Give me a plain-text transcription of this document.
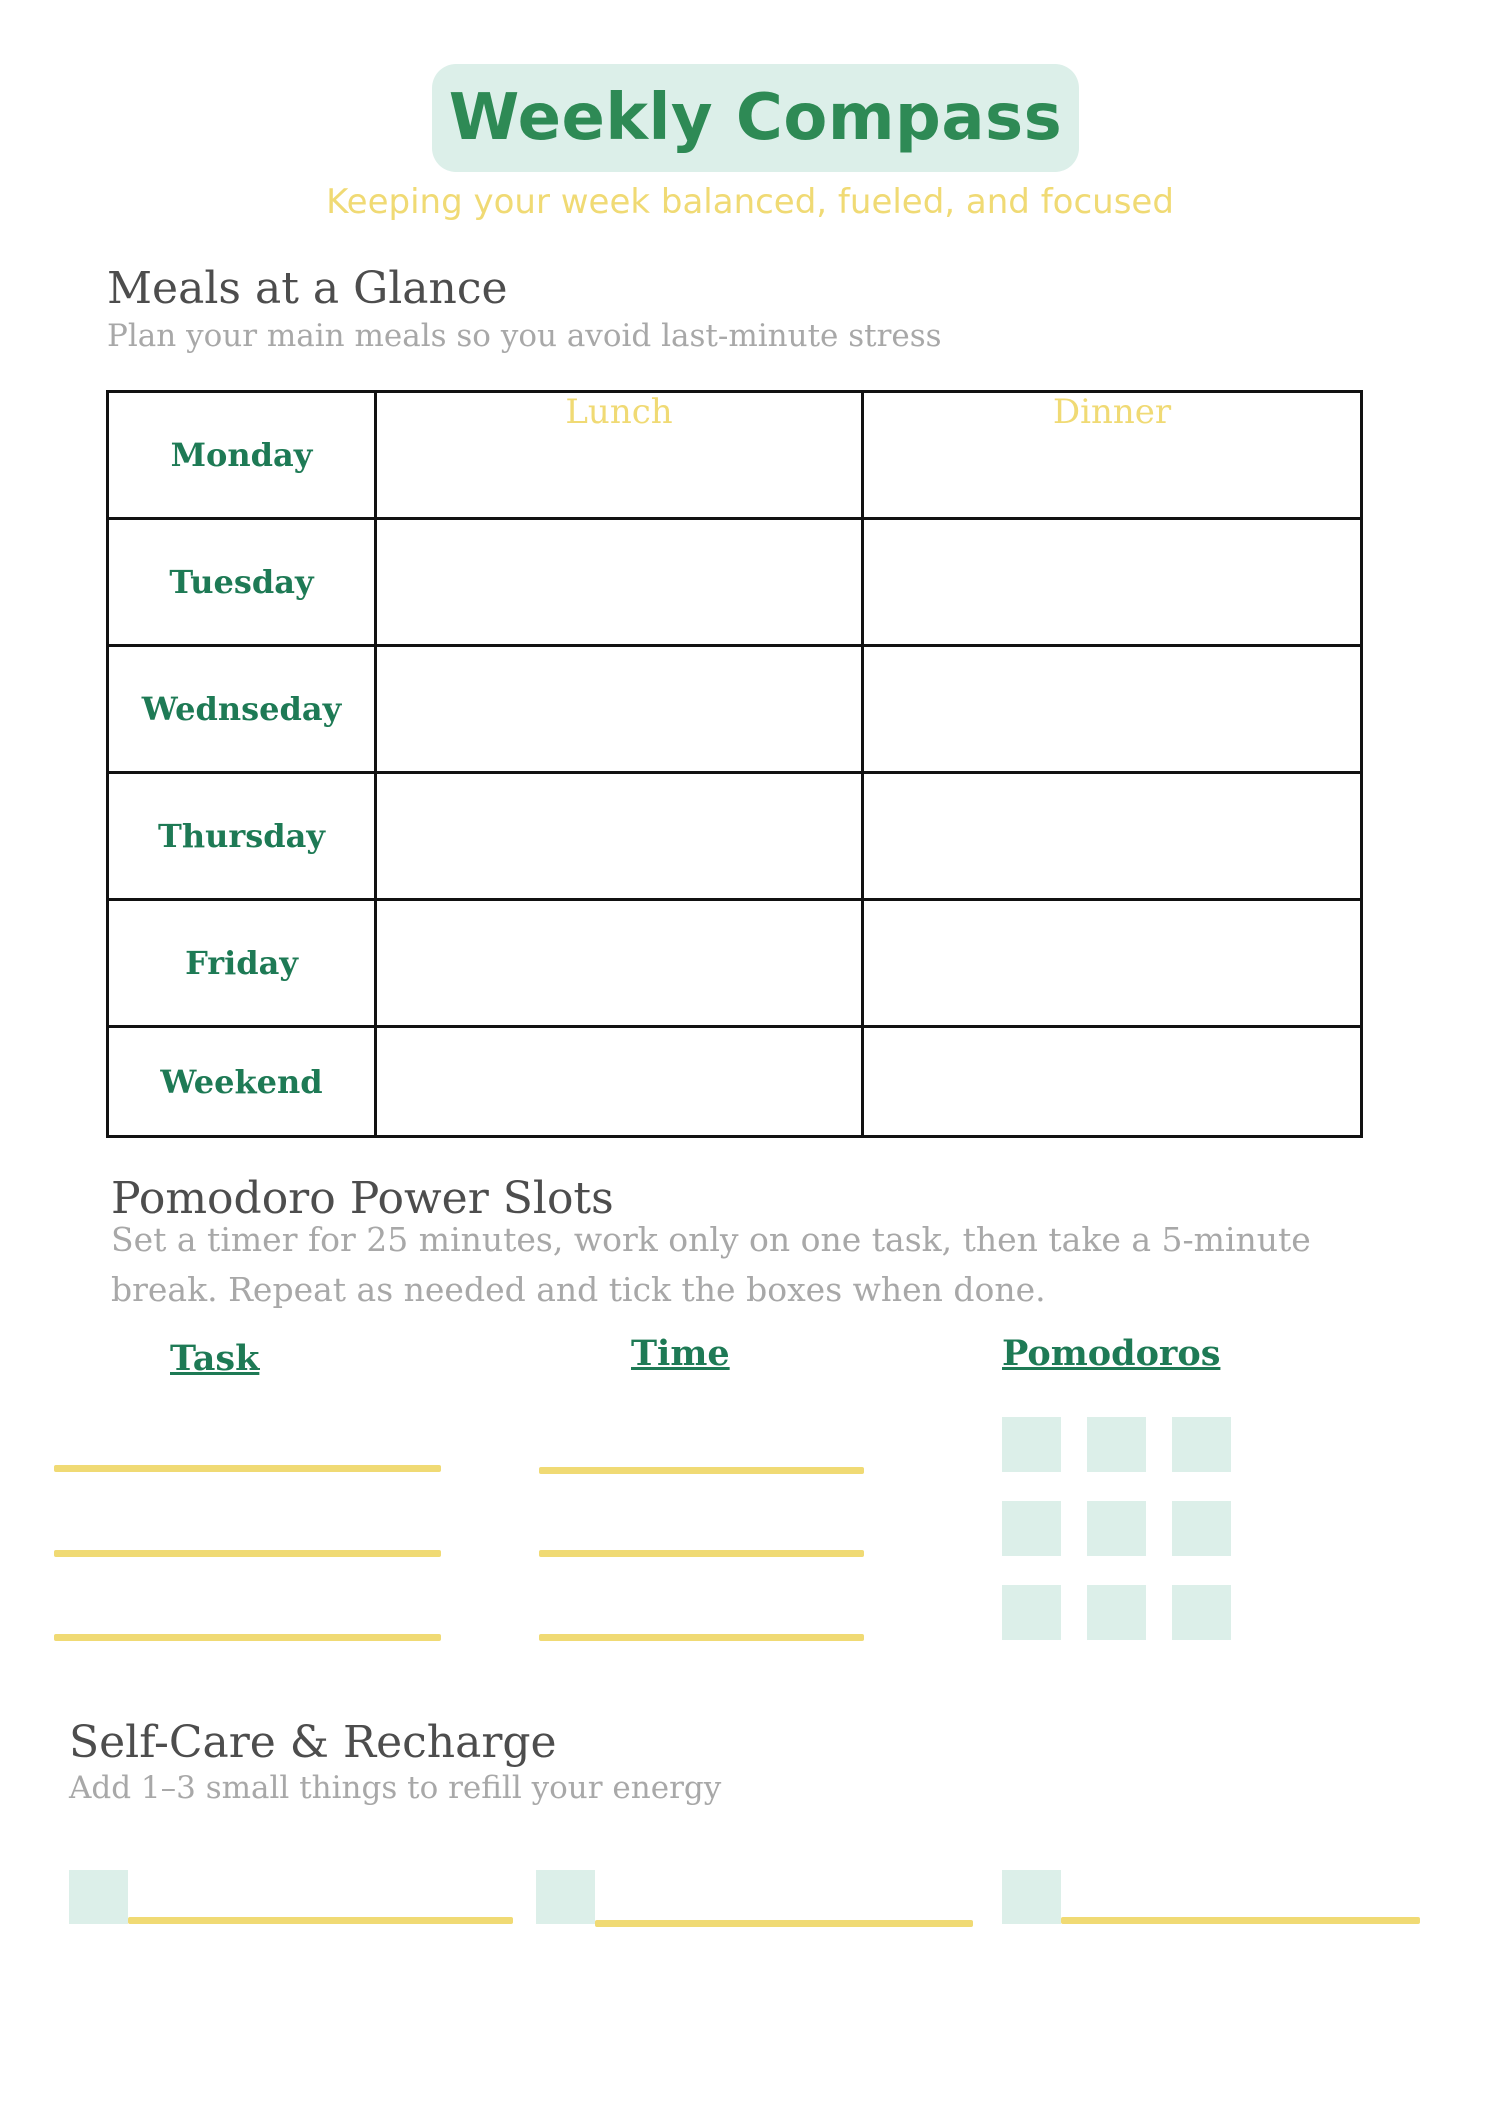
Weekly Compass
Keeping your week balanced, fueled, and focused
Meals at a Glance
Plan your main meals so you avoid last-minute stress
Monday	Lunch	Dinner

Tuesday		
Wednseday		
Thursday		
Friday		
Weekend		
Pomodoro Power Slots
Set a timer for 25 minutes, work only on one task, then take a 5-minute break. Repeat as needed and tick the boxes when done.
Task	Time	Pomodoros
Self-Care & Recharge
Add 1–3 small things to refill your energy
